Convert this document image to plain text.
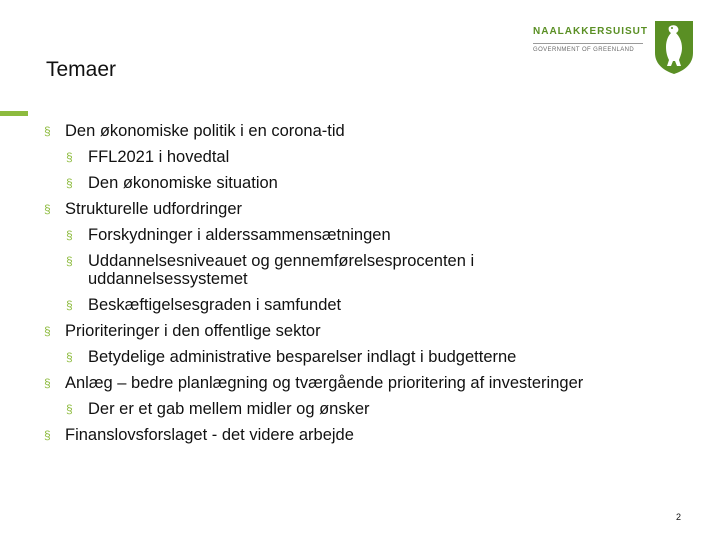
NAALAKKERSUISUT
GOVERNMENT OF GREENLAND
Temaer
§ Den økonomiske politik i en corona-tid
§ FFL2021 i hovedtal
§ Den økonomiske situation
§ Strukturelle udfordringer
§ Forskydninger i alderssammensætningen
§ Uddannelsesniveauet og gennemførelsesprocenten i
uddannelsessystemet
§ Beskæftigelsesgraden i samfundet
§ Prioriteringer i den offentlige sektor
§ Betydelige administrative besparelser indlagt i budgetterne
§ Anlæg – bedre planlægning og tværgående prioritering af investeringer
§ Der er et gab mellem midler og ønsker
§ Finanslovsforslaget - det videre arbejde
2
